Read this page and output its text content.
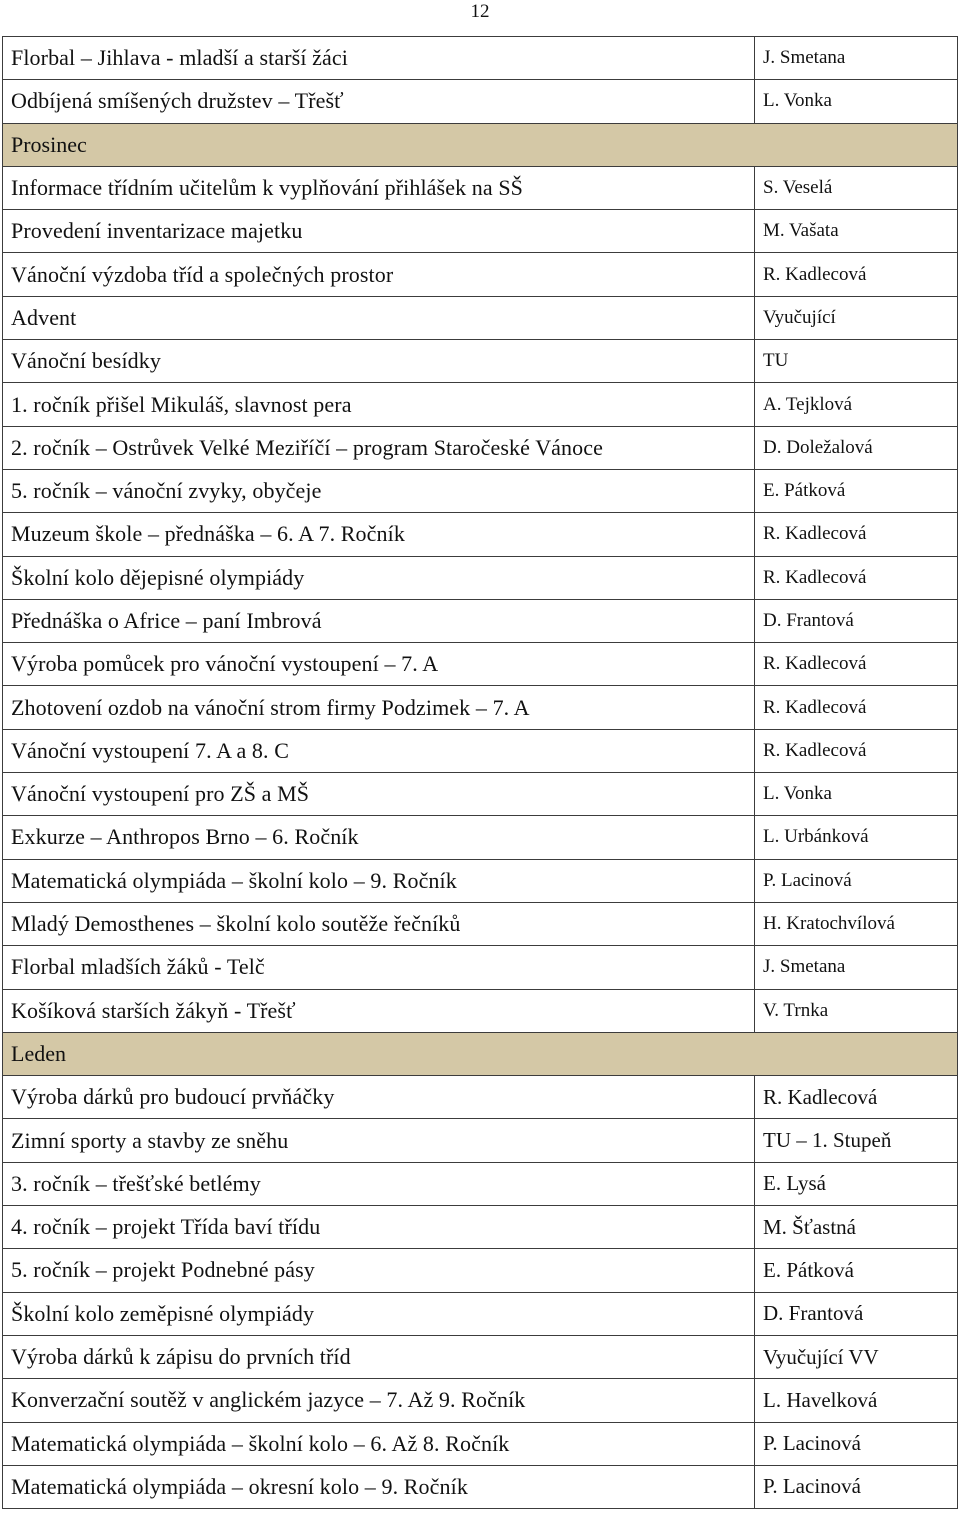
12
Florbal – Jihlava - mladší a starší žáci	J. Smetana
Odbíjená smíšených družstev – Třešť	L. Vonka
Prosinec	
Informace třídním učitelům k vyplňování přihlášek na SŠ	S. Veselá
Provedení inventarizace majetku	M. Vašata
Vánoční výzdoba tříd a společných prostor	R. Kadlecová
Advent	Vyučující
Vánoční besídky	TU
1. ročník přišel Mikuláš, slavnost pera	A. Tejklová
2. ročník – Ostrůvek Velké Meziříčí – program Staročeské Vánoce	D. Doležalová
5. ročník – vánoční zvyky, obyčeje	E. Pátková
Muzeum škole – přednáška – 6. A 7. Ročník	R. Kadlecová
Školní kolo dějepisné olympiády	R. Kadlecová
Přednáška o Africe – paní Imbrová	D. Frantová
Výroba pomůcek pro vánoční vystoupení – 7. A	R. Kadlecová
Zhotovení ozdob na vánoční strom firmy Podzimek – 7. A	R. Kadlecová
Vánoční vystoupení 7. A a 8. C	R. Kadlecová
Vánoční vystoupení pro ZŠ a MŠ	L. Vonka
Exkurze – Anthropos Brno – 6. Ročník	L. Urbánková
Matematická olympiáda – školní kolo – 9. Ročník	P. Lacinová
Mladý Demosthenes – školní kolo soutěže řečníků	H. Kratochvílová
Florbal mladších žáků - Telč	J. Smetana
Košíková starších žákyň - Třešť	V. Trnka
Leden	
Výroba dárků pro budoucí prvňáčky	R. Kadlecová
Zimní sporty a stavby ze sněhu	TU – 1. Stupeň
3. ročník – třešťské betlémy	E. Lysá
4. ročník – projekt Třída baví třídu	M. Šťastná
5. ročník – projekt Podnebné pásy	E. Pátková
Školní kolo zeměpisné olympiády	D. Frantová
Výroba dárků k zápisu do prvních tříd	Vyučující VV
Konverzační soutěž v anglickém jazyce – 7. Až 9. Ročník	L. Havelková
Matematická olympiáda – školní kolo – 6. Až 8. Ročník	P. Lacinová
Matematická olympiáda – okresní kolo – 9. Ročník	P. Lacinová
